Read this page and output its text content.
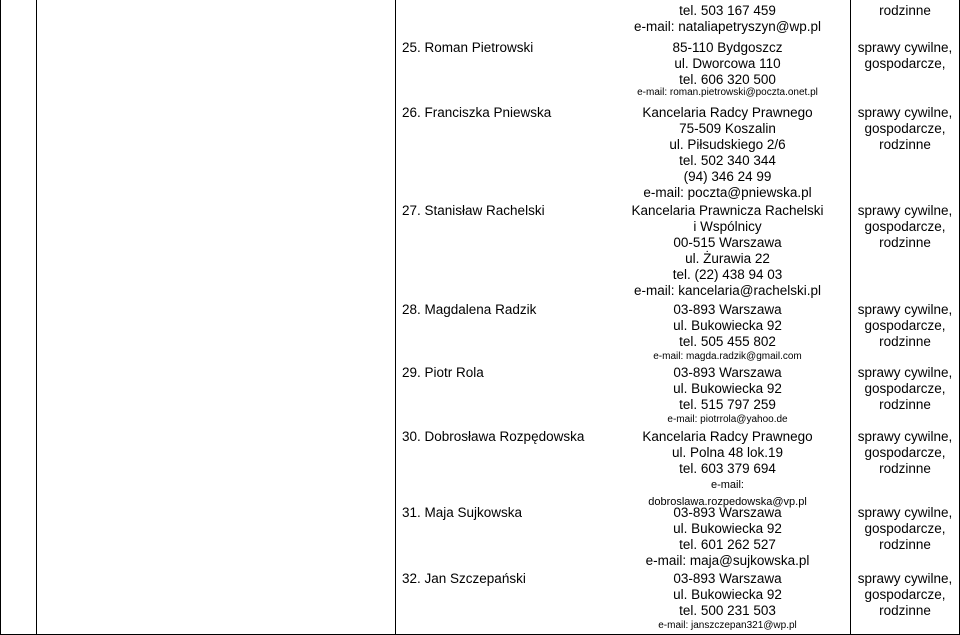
tel. 503 167 459
e-mail: nataliapetryszyn@wp.pl
rodzinne
25. Roman Pietrowski	85-110 Bydgoszcz
ul. Dworcowa 110
tel. 606 320 500
e-mail: roman.pietrowski@poczta.onet.pl
sprawy cywilne,
gospodarcze,
26. Franciszka Pniewska	Kancelaria Radcy Prawnego
75-509 Koszalin
ul. Piłsudskiego 2/6
tel. 502 340 344
(94) 346 24 99
e-mail: poczta@pniewska.pl
sprawy cywilne,
gospodarcze,
rodzinne
27. Stanisław Rachelski	Kancelaria Prawnicza Rachelski
i Wspólnicy
00-515 Warszawa
ul. Żurawia 22
tel. (22) 438 94 03
e-mail: kancelaria@rachelski.pl
sprawy cywilne,
gospodarcze,
rodzinne
28. Magdalena Radzik	03-893 Warszawa
ul. Bukowiecka 92
tel. 505 455 802
e-mail: magda.radzik@gmail.com
sprawy cywilne,
gospodarcze,
rodzinne
29. Piotr Rola	03-893 Warszawa
ul. Bukowiecka 92
tel. 515 797 259
e-mail: piotrrola@yahoo.de
sprawy cywilne,
gospodarcze,
rodzinne
30. Dobrosława Rozpędowska	Kancelaria Radcy Prawnego
ul. Polna 48 lok.19
tel. 603 379 694
e-mail:
dobroslawa.rozpedowska@vp.pl
sprawy cywilne,
gospodarcze,
rodzinne
31. Maja Sujkowska	03-893 Warszawa
ul. Bukowiecka 92
tel. 601 262 527
e-mail: maja@sujkowska.pl
sprawy cywilne,
gospodarcze,
rodzinne
32. Jan Szczepański	03-893 Warszawa
ul. Bukowiecka 92
tel. 500 231 503
e-mail: janszczepan321@wp.pl
sprawy cywilne,
gospodarcze,
rodzinne
